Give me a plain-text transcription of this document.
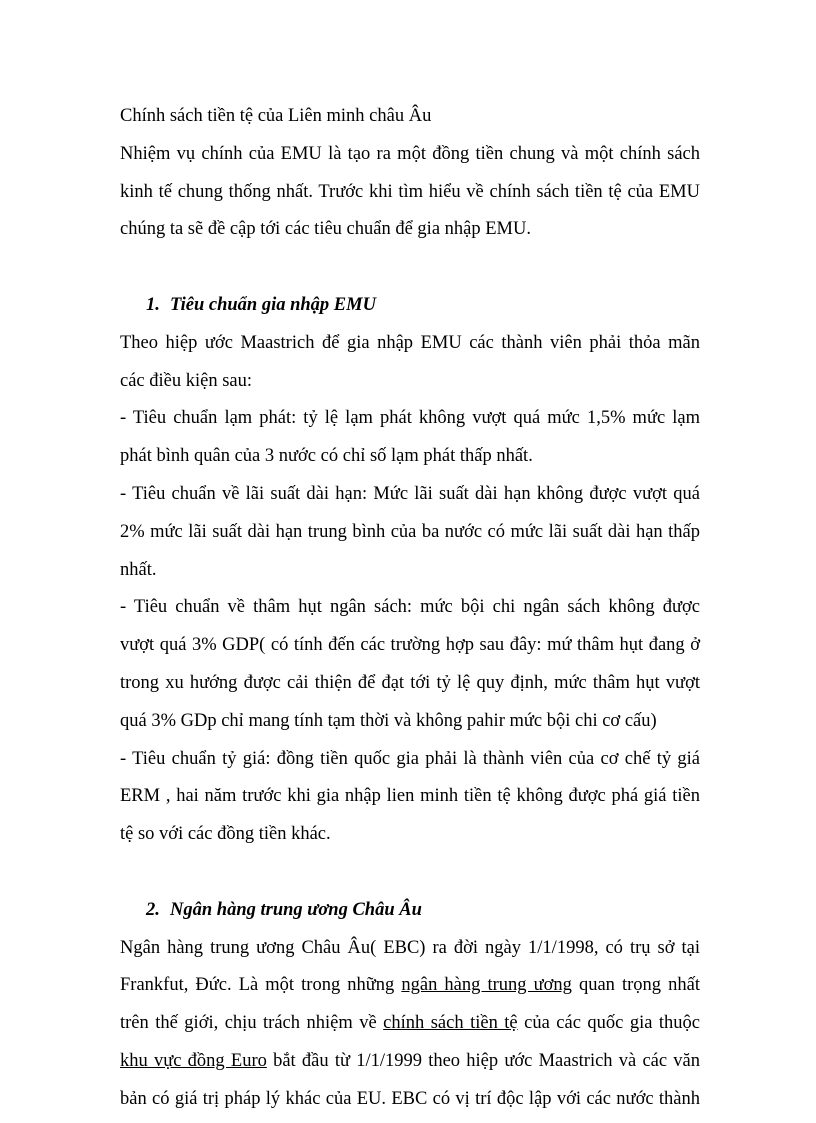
Chính sách tiền tệ của Liên minh châu Âu
Nhiệm vụ chính của EMU là tạo ra một đồng tiền chung và một chính sách
kinh tế chung thống nhất. Trước khi tìm hiểu về chính sách tiền tệ của EMU
chúng ta sẽ đề cập tới các tiêu chuẩn để gia nhập EMU.
1. Tiêu chuẩn gia nhập EMU
Theo hiệp ước Maastrich để gia nhập EMU các thành viên phải thỏa mãn
các điều kiện sau:
- Tiêu chuẩn lạm phát: tỷ lệ lạm phát không vượt quá mức 1,5% mức lạm
phát bình quân của 3 nước có chỉ số lạm phát thấp nhất.
- Tiêu chuẩn về lãi suất dài hạn: Mức lãi suất dài hạn không được vượt quá
2% mức lãi suất dài hạn trung bình của ba nước có mức lãi suất dài hạn thấp
nhất.
- Tiêu chuẩn về thâm hụt ngân sách: mức bội chi ngân sách không được
vượt quá 3% GDP( có tính đến các trường hợp sau đây: mứ thâm hụt đang ở
trong xu hướng được cải thiện để đạt tới tỷ lệ quy định, mức thâm hụt vượt
quá 3% GDp chỉ mang tính tạm thời và không pahir mức bội chi cơ cấu)
- Tiêu chuẩn tỷ giá: đồng tiền quốc gia phải là thành viên của cơ chế tỷ giá
ERM , hai năm trước khi gia nhập lien minh tiền tệ không được phá giá tiền
tệ so với các đồng tiền khác.
2. Ngân hàng trung ương Châu Âu
Ngân hàng trung ương Châu Âu( EBC) ra đời ngày 1/1/1998, có trụ sở tại
Frankfut, Đức. Là một trong những ngân hàng trung ương quan trọng nhất
trên thế giới, chịu trách nhiệm về chính sách tiền tệ của các quốc gia thuộc
khu vực đồng Euro bắt đầu từ 1/1/1999 theo hiệp ước Maastrich và các văn
bản có giá trị pháp lý khác của EU. EBC có vị trí độc lập với các nước thành
